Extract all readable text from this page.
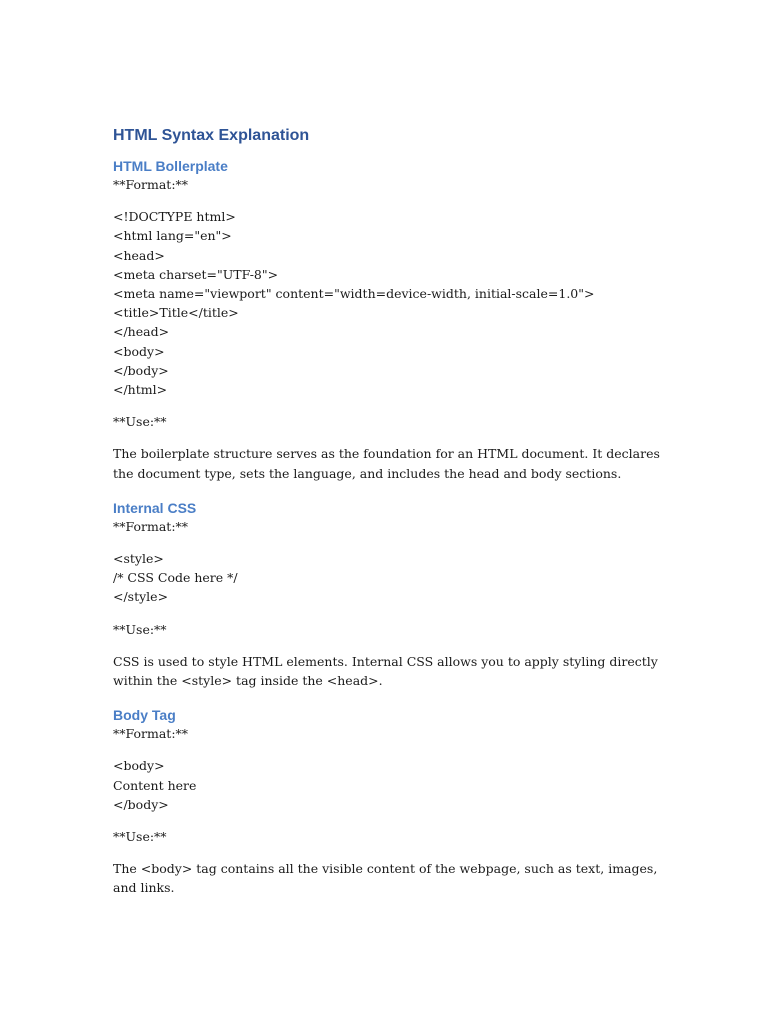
HTML Syntax Explanation
HTML Bollerplate

**Format:**

<!DOCTYPE html>
<html lang="en">
<head>
<meta charset="UTF-8">
<meta name="viewport" content="width=device-width, initial-scale=1.0">
<title>Title</title>
</head>
<body>
</body>
</html>

**Use:**

The boilerplate structure serves as the foundation for an HTML document. It declares the document type, sets the language, and includes the head and body sections.

Internal CSS

**Format:**

<style>
/* CSS Code here */
</style>

**Use:**

CSS is used to style HTML elements. Internal CSS allows you to apply styling directly within the <style> tag inside the <head>.

Body Tag

**Format:**

<body>
Content here
</body>

**Use:**

The <body> tag contains all the visible content of the webpage, such as text, images, and links.
